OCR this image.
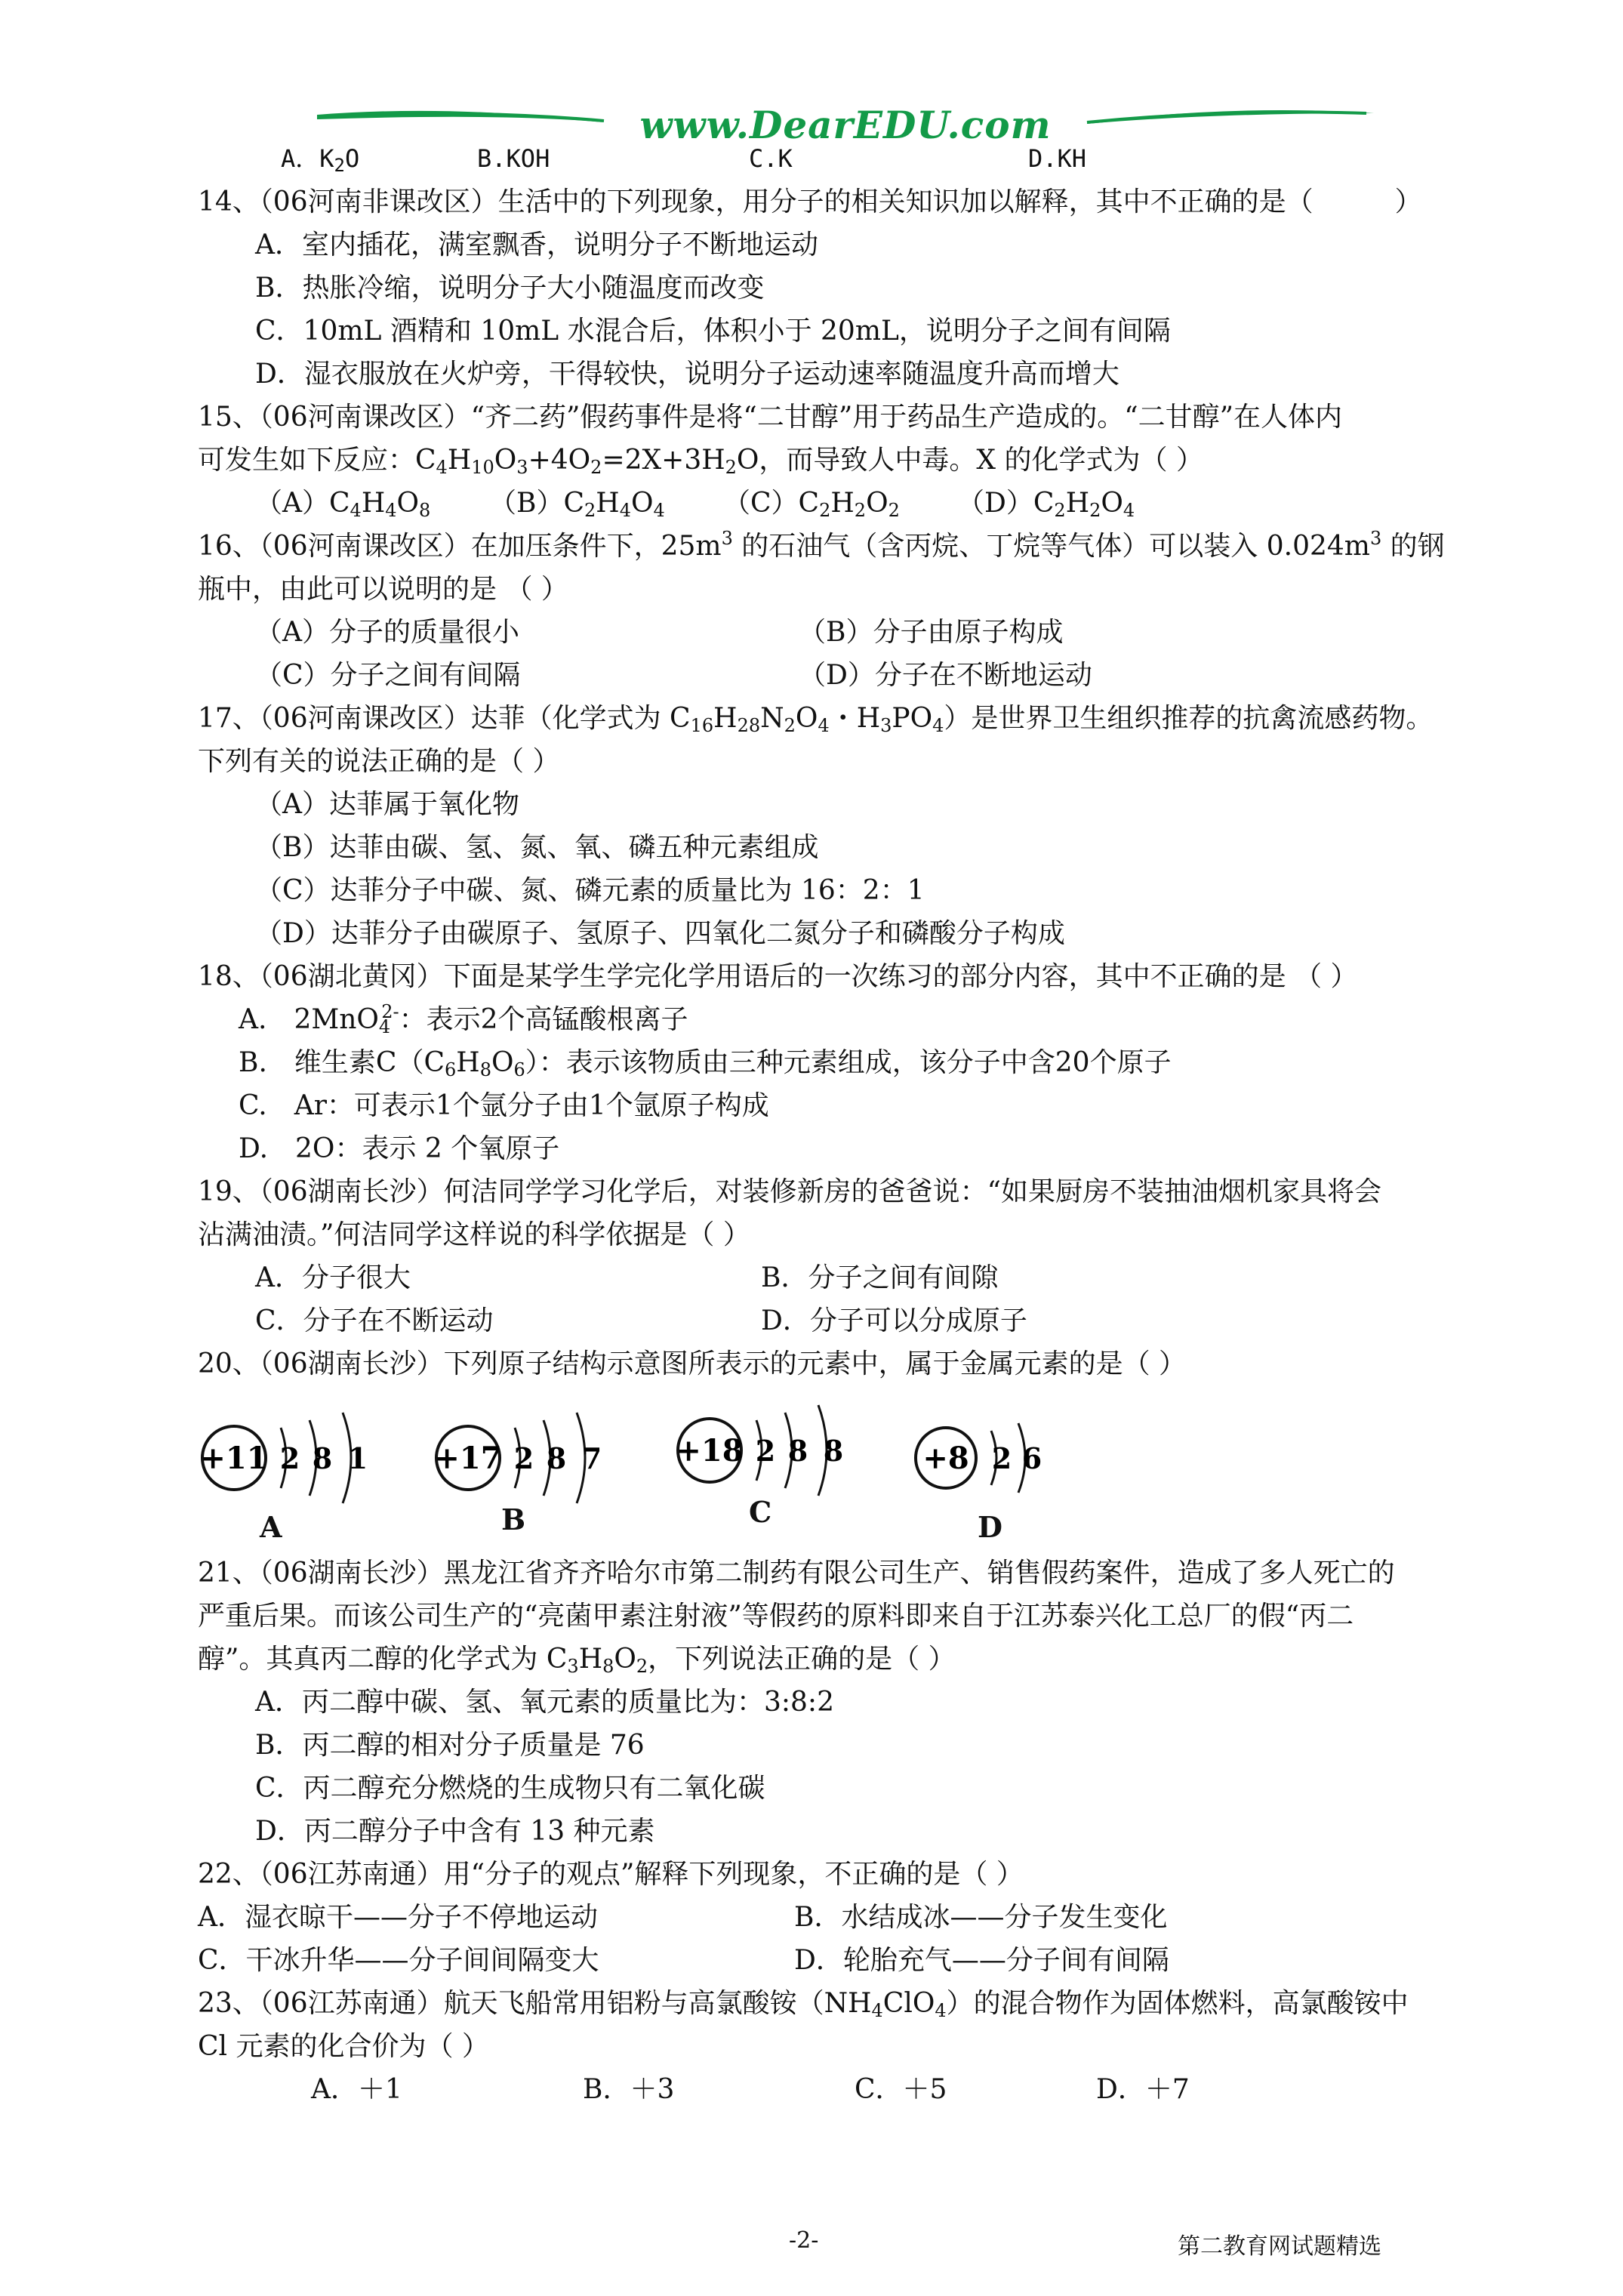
www.DearEDU.com
A．$K_2O$	B.KOH	C.K	D.KH
14、（06河南非课改区）生活中的下列现象，用分子的相关知识加以解释，其中不正确的是（　　　）
A．室内插花，满室飘香，说明分子不断地运动
B．热胀冷缩，说明分子大小随温度而改变
C．10mL 酒精和 10mL 水混合后，体积小于 20mL，说明分子之间有间隔
D．湿衣服放在火炉旁，干得较快，说明分子运动速率随温度升高而增大
15、（06河南课改区）“齐二药”假药事件是将“二甘醇”用于药品生产造成的。“二甘醇”在人体内
可发生如下反应：$C_4H_{10}O_3+4O_2=2X+3H_2O$，而导致人中毒。X 的化学式为（ ）
$(A)C_4H_4O_8$	$(B)C_2H_4O_4$	$(C)C_2H_2O_2$	$(D)C_2H_2O_4$
16、（06河南课改区）在加压条件下，$25m^3$ 的石油气（含丙烷、丁烷等气体）可以装入 $0.024m^3$ 的钢
瓶中，由此可以说明的是 （ ）
（A）分子的质量很小	（B）分子由原子构成
（C）分子之间有间隔	（D）分子在不断地运动
17、（06河南课改区）达菲（化学式为 $C_{16}H_{28}N_2O_4$・$H_3PO_4$）是世界卫生组织推荐的抗禽流感药物。
下列有关的说法正确的是（ ）
（A）达菲属于氧化物
（B）达菲由碳、氢、氮、氧、磷五种元素组成
（C）达菲分子中碳、氮、磷元素的质量比为 16：2：1
（D）达菲分子由碳原子、氢原子、四氧化二氮分子和磷酸分子构成
18、（06湖北黄冈）下面是某学生学完化学用语后的一次练习的部分内容，其中不正确的是 （ ）
A.　2MnO$_4^{2-}$：表示2个高锰酸根离子
B.　维生素$C(C_6H_8O_6)$：表示该物质由三种元素组成，该分子中含20个原子
C.　Ar：可表示1个氩分子由1个氩原子构成
D.　2O：表示 2 个氧原子
19、（06湖南长沙）何洁同学学习化学后，对装修新房的爸爸说：“如果厨房不装抽油烟机家具将会
沾满油渍。”何洁同学这样说的科学依据是（ ）
A．分子很大	B．分子之间有间隙
C．分子在不断运动	D．分子可以分成原子
20、（06湖南长沙）下列原子结构示意图所表示的元素中，属于金属元素的是（ ）
+11 2 8 1
A
+17 2 8 7
B
+18 2 8 8
C
+8 2 6
D
21、（06湖南长沙）黑龙江省齐齐哈尔市第二制药有限公司生产、销售假药案件，造成了多人死亡的
严重后果。而该公司生产的“亮菌甲素注射液”等假药的原料即来自于江苏泰兴化工总厂的假“丙二
醇”。其真丙二醇的化学式为 $C_3H_8O_2$，下列说法正确的是（ ）
A．丙二醇中碳、氢、氧元素的质量比为：3:8:2
B．丙二醇的相对分子质量是 76
C．丙二醇充分燃烧的生成物只有二氧化碳
D．丙二醇分子中含有 13 种元素
22、（06江苏南通）用“分子的观点”解释下列现象，不正确的是（ ）
A．湿衣晾干——分子不停地运动	B．水结成冰——分子发生变化
C．干冰升华——分子间间隔变大	D．轮胎充气——分子间有间隔
23、（06江苏南通）航天飞船常用铝粉与高氯酸铵$(NH_4ClO_4)$的混合物作为固体燃料，高氯酸铵中
Cl 元素的化合价为（ ）
A．＋1	B．＋3	C．＋5	D．＋7
-2-	第二教育网试题精选
